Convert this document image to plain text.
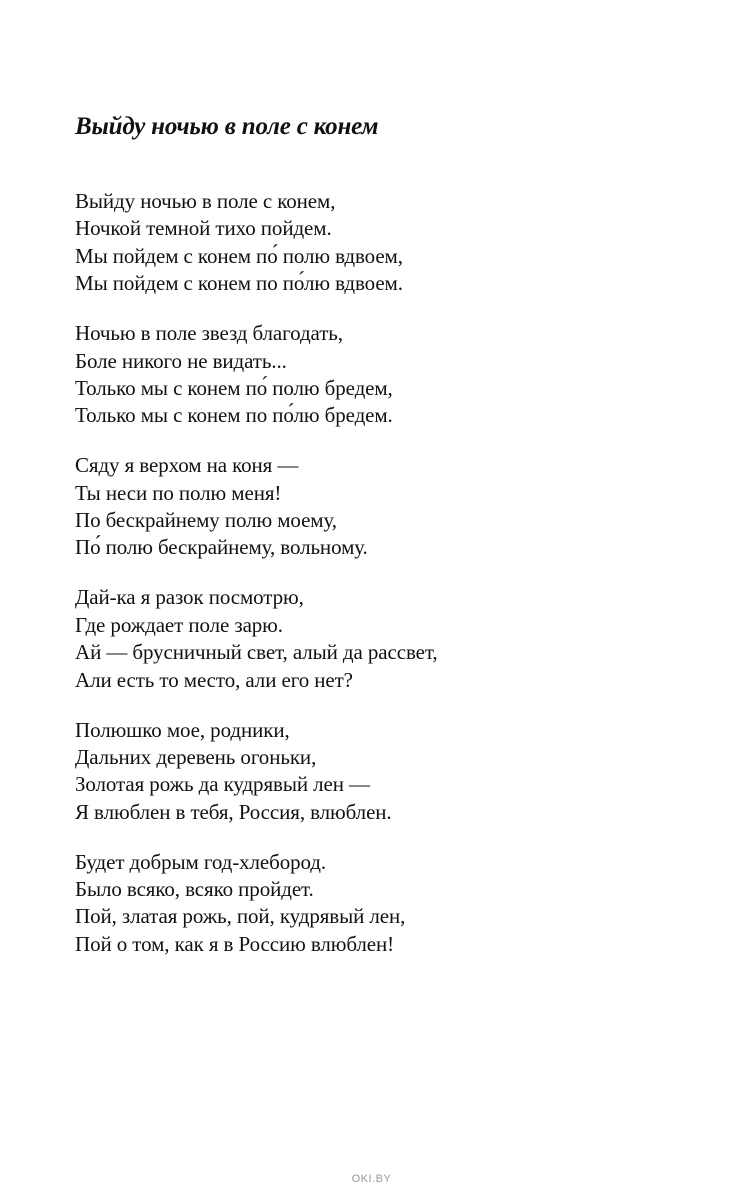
Выйду ночью в поле с конем
Выйду ночью в поле с конем,
Ночкой темной тихо пойдем.
Мы пойдем с конем по́ полю вдвоем,
Мы пойдем с конем по по́лю вдвоем.
Ночью в поле звезд благодать,
Боле никого не видать...
Только мы с конем по́ полю бредем,
Только мы с конем по по́лю бредем.
Сяду я верхом на коня —
Ты неси по полю меня!
По бескрайнему полю моему,
По́ полю бескрайнему, вольному.
Дай-ка я разок посмотрю,
Где рождает поле зарю.
Ай — брусничный свет, алый да рассвет,
Али есть то место, али его нет?
Полюшко мое, родники,
Дальних деревень огоньки,
Золотая рожь да кудрявый лен —
Я влюблен в тебя, Россия, влюблен.
Будет добрым год-хлебород.
Было всяко, всяко пройдет.
Пой, златая рожь, пой, кудрявый лен,
Пой о том, как я в Россию влюблен!
OKI.BY
